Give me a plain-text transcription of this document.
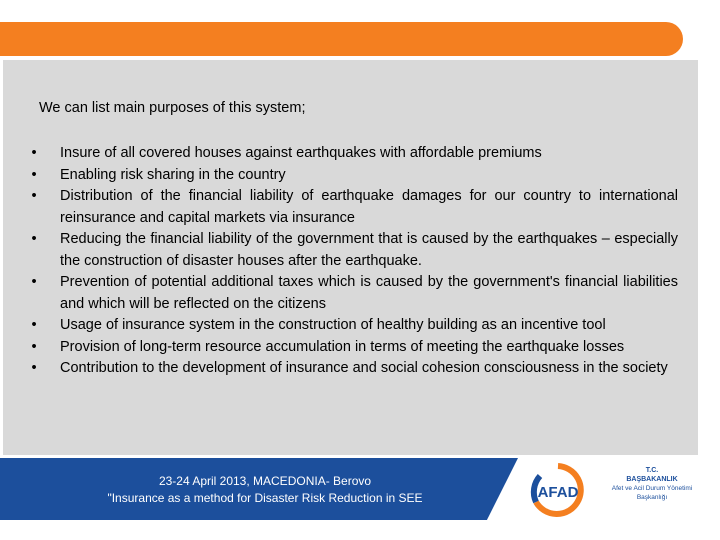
We can list main purposes of this system;

• Insure of all covered houses against earthquakes with affordable premiums
• Enabling risk sharing in the country
• Distribution of the financial liability of earthquake damages for our country to international reinsurance and capital markets via insurance
• Reducing the financial liability of the government that is caused by the earthquakes – especially the construction of disaster houses after the earthquake.
• Prevention of potential additional taxes which is caused by the government's financial liabilities and which will be reflected on the citizens
• Usage of insurance system in the construction of healthy building as an incentive tool
• Provision of long-term resource accumulation in terms of meeting the earthquake losses
• Contribution to the development of insurance and social cohesion consciousness in the society
23-24 April 2013, MACEDONIA- Berovo
"Insurance as a method for Disaster Risk Reduction in SEE	AFAD
T.C.
BAŞBAKANLIK
Afet ve Acil Durum Yönetimi Başkanlığı
